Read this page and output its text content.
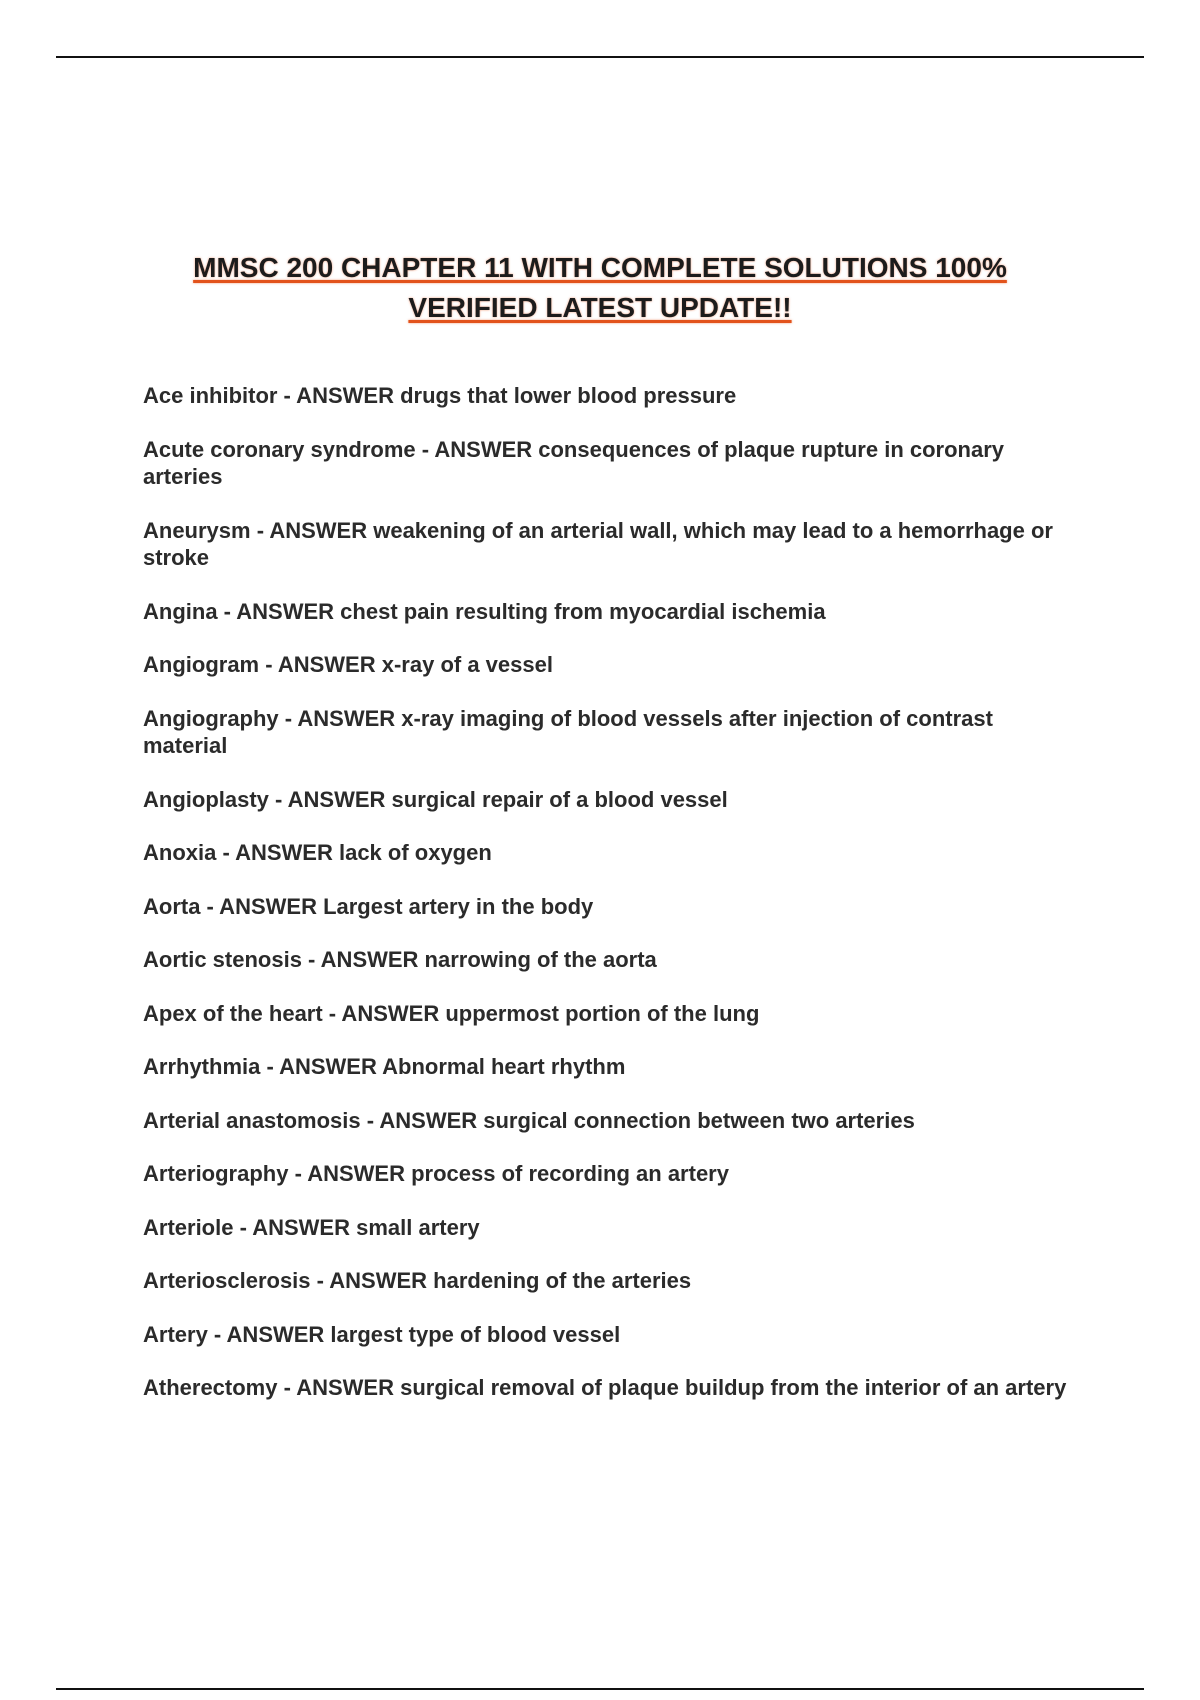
MMSC 200 CHAPTER 11 WITH COMPLETE SOLUTIONS 100%
VERIFIED LATEST UPDATE!!
Ace inhibitor - ANSWER drugs that lower blood pressure
Acute coronary syndrome - ANSWER consequences of plaque rupture in coronary arteries
Aneurysm - ANSWER weakening of an arterial wall, which may lead to a hemorrhage or stroke
Angina - ANSWER chest pain resulting from myocardial ischemia
Angiogram - ANSWER x-ray of a vessel
Angiography - ANSWER x-ray imaging of blood vessels after injection of contrast material
Angioplasty - ANSWER surgical repair of a blood vessel
Anoxia - ANSWER lack of oxygen
Aorta - ANSWER Largest artery in the body
Aortic stenosis - ANSWER narrowing of the aorta
Apex of the heart - ANSWER uppermost portion of the lung
Arrhythmia - ANSWER Abnormal heart rhythm
Arterial anastomosis - ANSWER surgical connection between two arteries
Arteriography - ANSWER process of recording an artery
Arteriole - ANSWER small artery
Arteriosclerosis - ANSWER hardening of the arteries
Artery - ANSWER largest type of blood vessel
Atherectomy - ANSWER surgical removal of plaque buildup from the interior of an artery
